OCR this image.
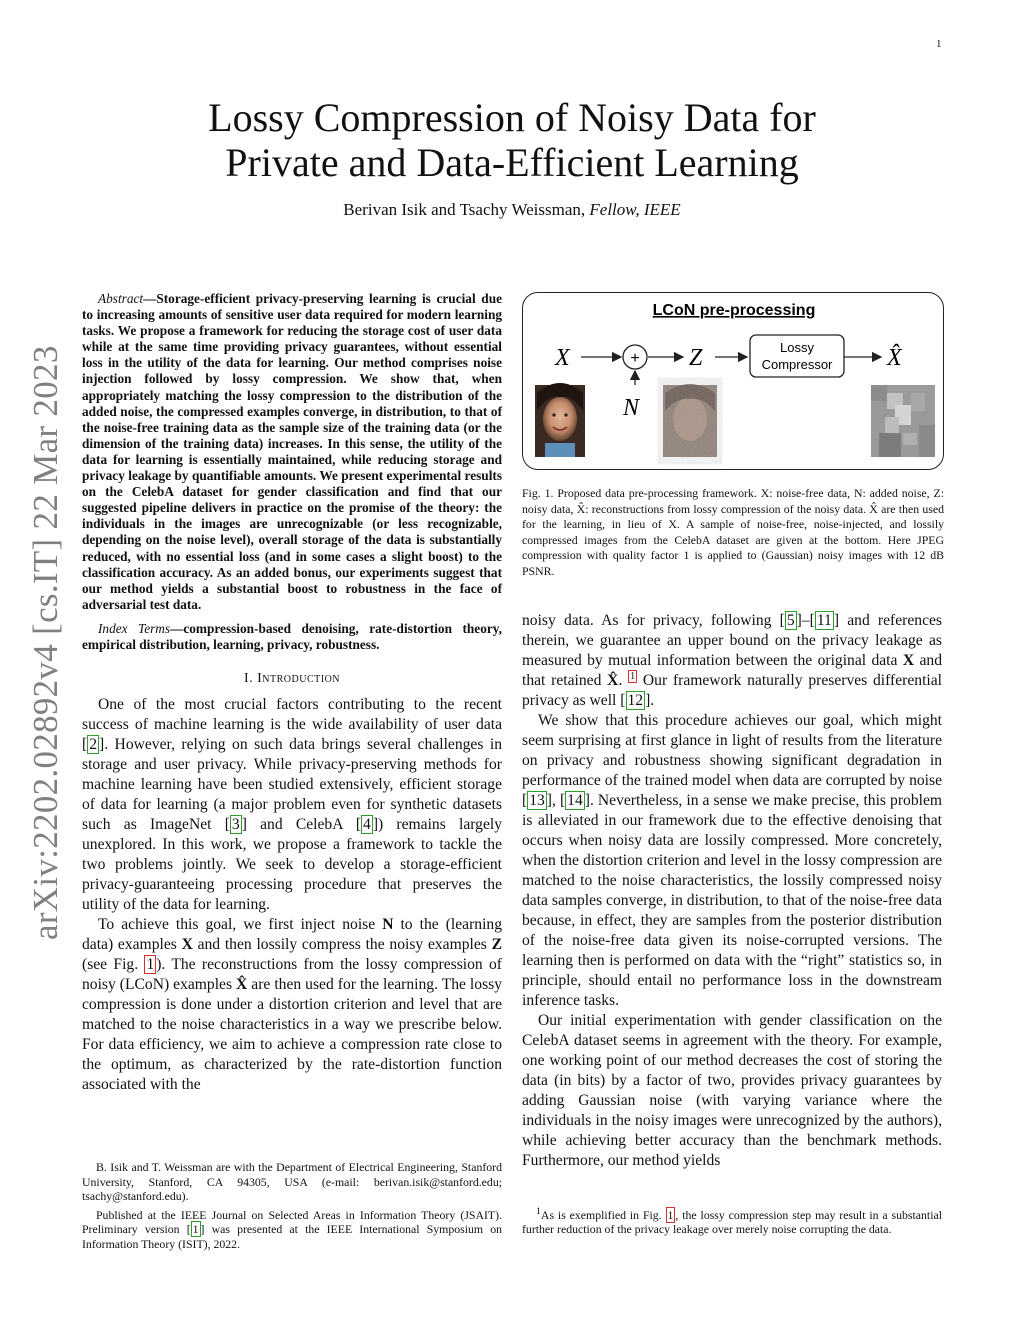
1
arXiv:2202.02892v4 [cs.IT] 22 Mar 2023
Lossy Compression of Noisy Data for
Private and Data-Efficient Learning
Berivan Isik and Tsachy Weissman, Fellow, IEEE

Abstract—Storage-efficient privacy-preserving learning is crucial due to increasing amounts of sensitive user data required for modern learning tasks. We propose a framework for reducing the storage cost of user data while at the same time providing privacy guarantees, without essential loss in the utility of the data for learning. Our method comprises noise injection followed by lossy compression. We show that, when appropriately matching the lossy compression to the distribution of the added noise, the compressed examples converge, in distribution, to that of the noise-free training data as the sample size of the training data (or the dimension of the training data) increases. In this sense, the utility of the data for learning is essentially maintained, while reducing storage and privacy leakage by quantifiable amounts. We present experimental results on the CelebA dataset for gender classification and find that our suggested pipeline delivers in practice on the promise of the theory: the individuals in the images are unrecognizable (or less recognizable, depending on the noise level), overall storage of the data is substantially reduced, with no essential loss (and in some cases a slight boost) to the classification accuracy. As an added bonus, our experiments suggest that our method yields a substantial boost to robustness in the face of adversarial test data.

Index Terms—compression-based denoising, rate-distortion theory, empirical distribution, learning, privacy, robustness.

I. Introduction

One of the most crucial factors contributing to the recent success of machine learning is the wide availability of user data [ 2 ]. However, relying on such data brings several challenges in storage and user privacy. While privacy-preserving methods for machine learning have been studied extensively, efficient storage of data for learning (a major problem even for synthetic datasets such as ImageNet [ 3 ] and CelebA [ 4 ]) remains largely unexplored. In this work, we propose a framework to tackle the two problems jointly. We seek to develop a storage-efficient privacy-guaranteeing processing procedure that preserves the utility of the data for learning.

To achieve this goal, we first inject noise N to the (learning data) examples X and then lossily compress the noisy examples Z (see Fig. 1 ). The reconstructions from the lossy compression of noisy (LCoN) examples X̂ are then used for the learning. The lossy compression is done under a distortion criterion and level that are matched to the noise characteristics in a way we prescribe below. For data efficiency, we aim to achieve a compression rate close to the optimum, as characterized by the rate-distortion function associated with the

B. Isik and T. Weissman are with the Department of Electrical Engineering, Stanford University, Stanford, CA 94305, USA (e-mail: berivan.isik@stanford.edu; tsachy@stanford.edu).

Published at the IEEE Journal on Selected Areas in Information Theory (JSAIT). Preliminary version [ 1 ] was presented at the IEEE International Symposium on Information Theory (ISIT), 2022.

LCoN pre-processing
X	+
N
Z	Lossy
Compressor X̂
Fig. 1. Proposed data pre-processing framework. X: noise-free data, N: added noise, Z: noisy data, X̂: reconstructions from lossy compression of the noisy data. X̂ are then used for the learning, in lieu of X. A sample of noise-free, noise-injected, and lossily compressed images from the CelebA dataset are given at the bottom. Here JPEG compression with quality factor 1 is applied to (Gaussian) noisy images with 12 dB PSNR.

noisy data. As for privacy, following [ 5 ]–[ 11 ] and references therein, we guarantee an upper bound on the privacy leakage as measured by mutual information between the original data X and that retained X̂. $^1$ Our framework naturally preserves differential privacy as well [ 12 ].

We show that this procedure achieves our goal, which might seem surprising at first glance in light of results from the literature on privacy and robustness showing significant degradation in performance of the trained model when data are corrupted by noise [ 13 ], [ 14 ]. Nevertheless, in a sense we make precise, this problem is alleviated in our framework due to the effective denoising that occurs when noisy data are lossily compressed. More concretely, when the distortion criterion and level in the lossy compression are matched to the noise characteristics, the lossily compressed noisy data samples converge, in distribution, to that of the noise-free data because, in effect, they are samples from the posterior distribution of the noise-free data given its noise-corrupted versions. The learning then is performed on data with the “right” statistics so, in principle, should entail no performance loss in the downstream inference tasks.

Our initial experimentation with gender classification on the CelebA dataset seems in agreement with the theory. For example, one working point of our method decreases the cost of storing the data (in bits) by a factor of two, provides privacy guarantees by adding Gaussian noise (with varying variance where the individuals in the noisy images were unrecognized by the authors), while achieving better accuracy than the benchmark methods. Furthermore, our method yields

$^1$As is exemplified in Fig. 1 , the lossy compression step may result in a substantial further reduction of the privacy leakage over merely noise corrupting the data.
